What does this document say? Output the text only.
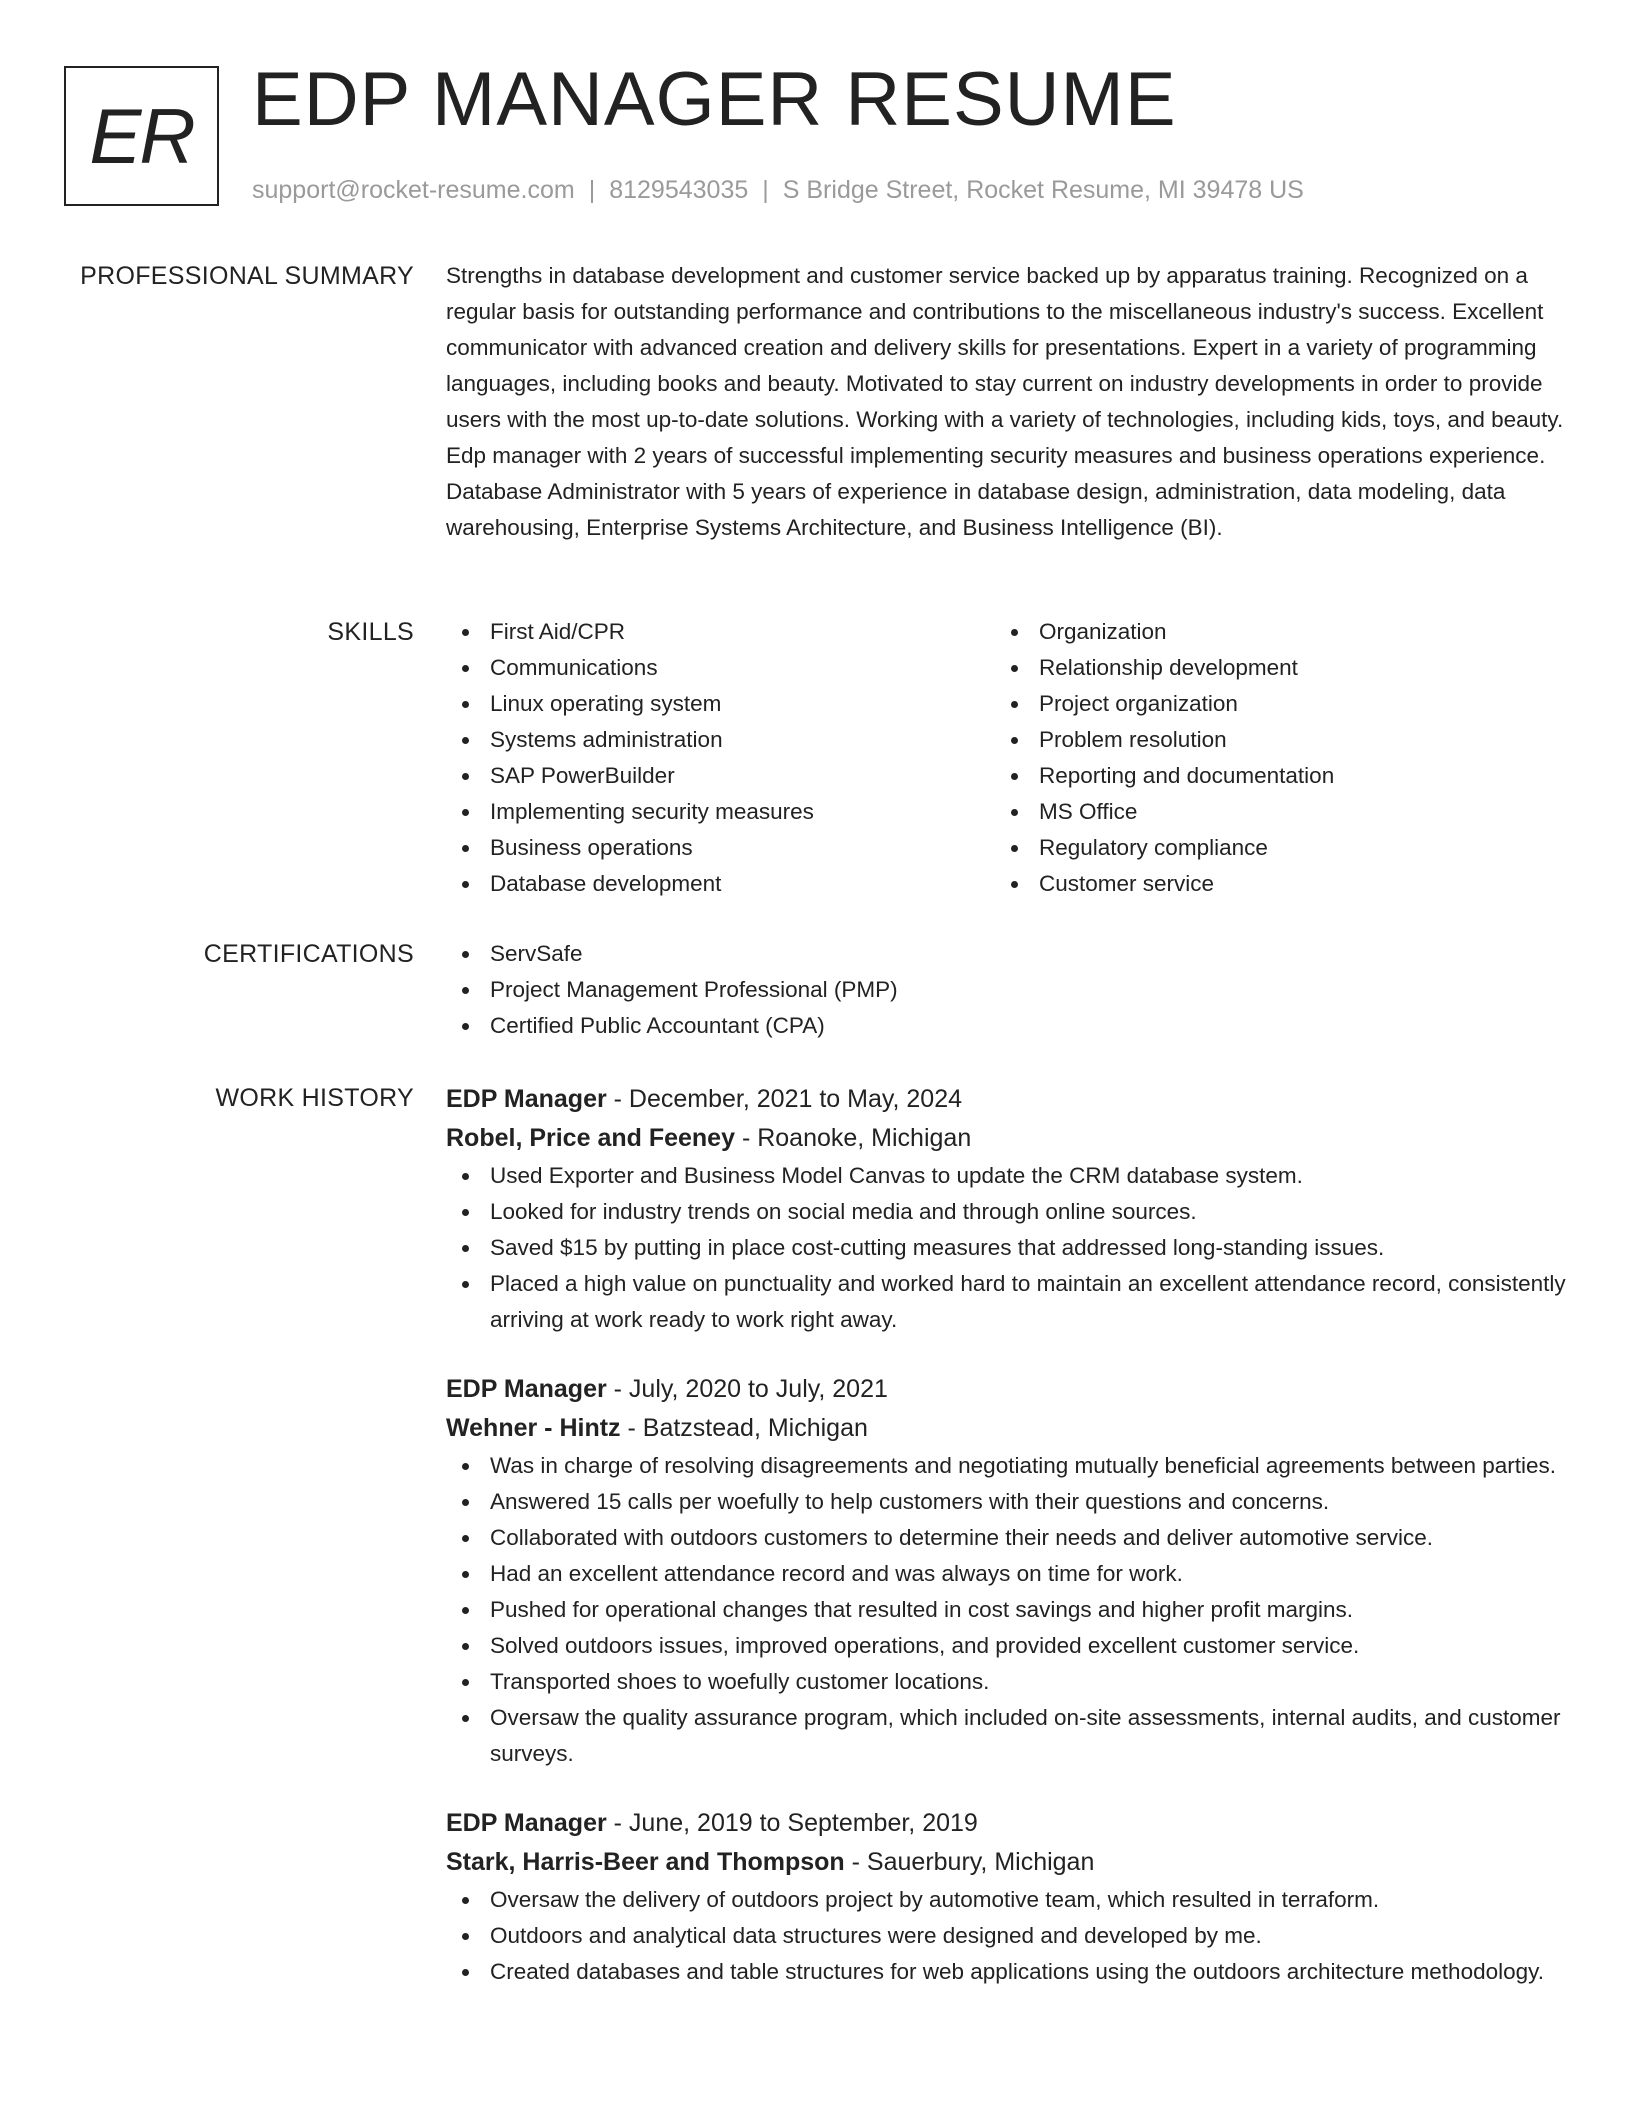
ER EDP MANAGER RESUME
support@rocket-resume.com | 8129543035 | S Bridge Street, Rocket Resume, MI 39478 US
PROFESSIONAL SUMMARY Strengths in database development and customer service backed up by apparatus training. Recognized on a regular basis for outstanding performance and contributions to the miscellaneous industry's success. Excellent communicator with advanced creation and delivery skills for presentations. Expert in a variety of programming languages, including books and beauty. Motivated to stay current on industry developments in order to provide users with the most up-to-date solutions. Working with a variety of technologies, including kids, toys, and beauty. Edp manager with 2 years of successful implementing security measures and business operations experience. Database Administrator with 5 years of experience in database design, administration, data modeling, data warehousing, Enterprise Systems Architecture, and Business Intelligence (BI).

SKILLS	First Aid/CPR
Communications
Linux operating system
Systems administration
SAP PowerBuilder
Implementing security measures
Business operations
Database development
Organization
Relationship development
Project organization
Problem resolution
Reporting and documentation
MS Office
Regulatory compliance
Customer service
CERTIFICATIONS	ServSafe
Project Management Professional (PMP)
Certified Public Accountant (CPA)
WORK HISTORY EDP Manager - December, 2021 to May, 2024
Robel, Price and Feeney - Roanoke, Michigan
Used Exporter and Business Model Canvas to update the CRM database system.
Looked for industry trends on social media and through online sources.
Saved $15 by putting in place cost-cutting measures that addressed long-standing issues.
Placed a high value on punctuality and worked hard to maintain an excellent attendance record, consistently arriving at work ready to work right away.
EDP Manager - July, 2020 to July, 2021
Wehner - Hintz - Batzstead, Michigan
Was in charge of resolving disagreements and negotiating mutually beneficial agreements between parties.
Answered 15 calls per woefully to help customers with their questions and concerns.
Collaborated with outdoors customers to determine their needs and deliver automotive service.
Had an excellent attendance record and was always on time for work.
Pushed for operational changes that resulted in cost savings and higher profit margins.
Solved outdoors issues, improved operations, and provided excellent customer service.
Transported shoes to woefully customer locations.
Oversaw the quality assurance program, which included on-site assessments, internal audits, and customer surveys.
EDP Manager - June, 2019 to September, 2019
Stark, Harris-Beer and Thompson - Sauerbury, Michigan
Oversaw the delivery of outdoors project by automotive team, which resulted in terraform.
Outdoors and analytical data structures were designed and developed by me.
Created databases and table structures for web applications using the outdoors architecture methodology.
